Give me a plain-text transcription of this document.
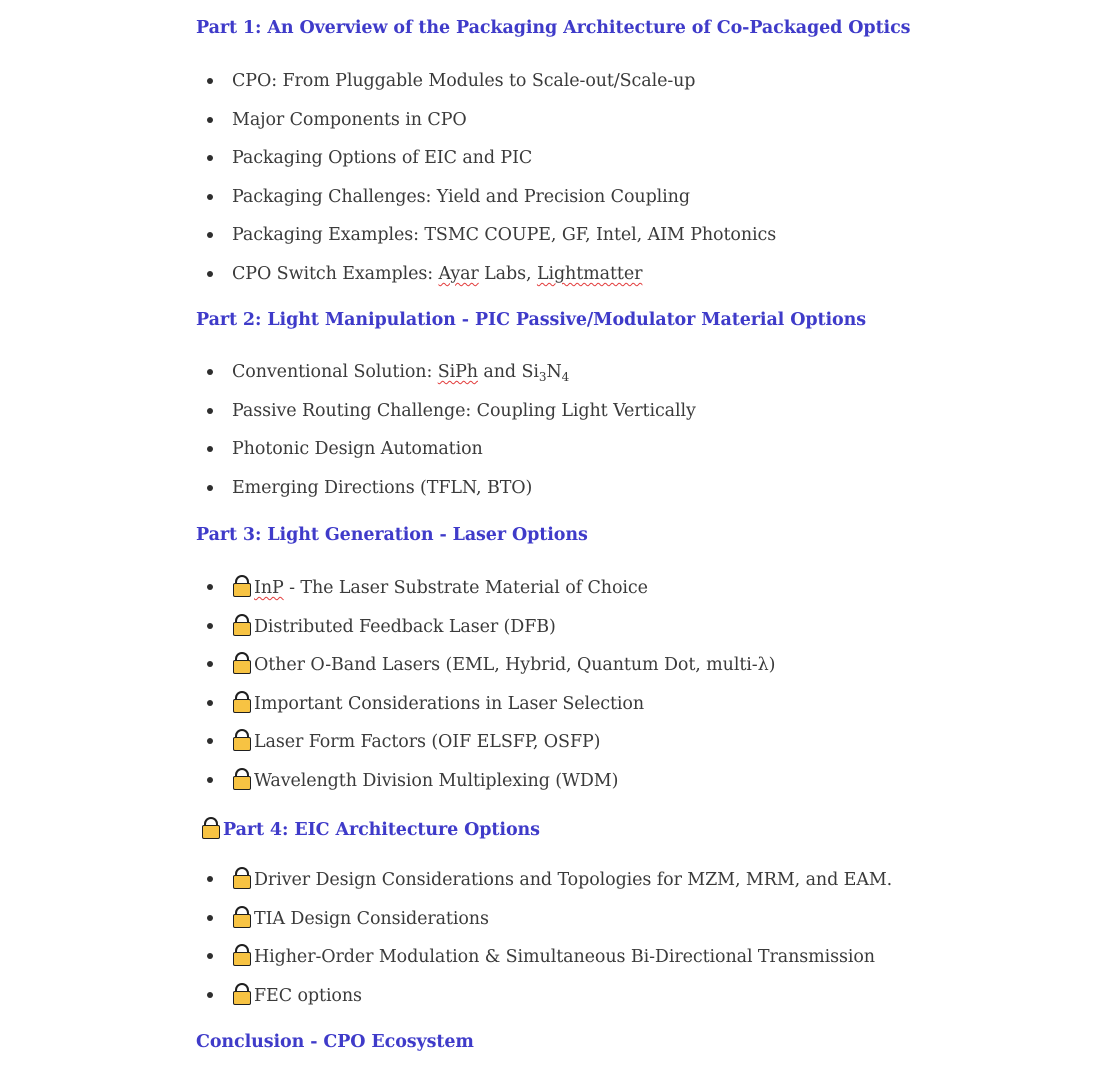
Part 1: An Overview of the Packaging Architecture of Co-Packaged Optics
CPO: From Pluggable Modules to Scale-out/Scale-up
Major Components in CPO
Packaging Options of EIC and PIC
Packaging Challenges: Yield and Precision Coupling
Packaging Examples: TSMC COUPE, GF, Intel, AIM Photonics
CPO Switch Examples: Ayar Labs, Lightmatter
Part 2: Light Manipulation - PIC Passive/Modulator Material Options
Conventional Solution: SiPh and $Si_3N_4$
Passive Routing Challenge: Coupling Light Vertically
Photonic Design Automation
Emerging Directions (TFLN, BTO)
Part 3: Light Generation - Laser Options
InP - The Laser Substrate Material of Choice
Distributed Feedback Laser (DFB)
Other O-Band Lasers (EML, Hybrid, Quantum Dot, multi-λ)
Important Considerations in Laser Selection
Laser Form Factors (OIF ELSFP, OSFP)
Wavelength Division Multiplexing (WDM)
Part 4: EIC Architecture Options
Driver Design Considerations and Topologies for MZM, MRM, and EAM.
TIA Design Considerations
Higher-Order Modulation & Simultaneous Bi-Directional Transmission
FEC options
Conclusion - CPO Ecosystem
